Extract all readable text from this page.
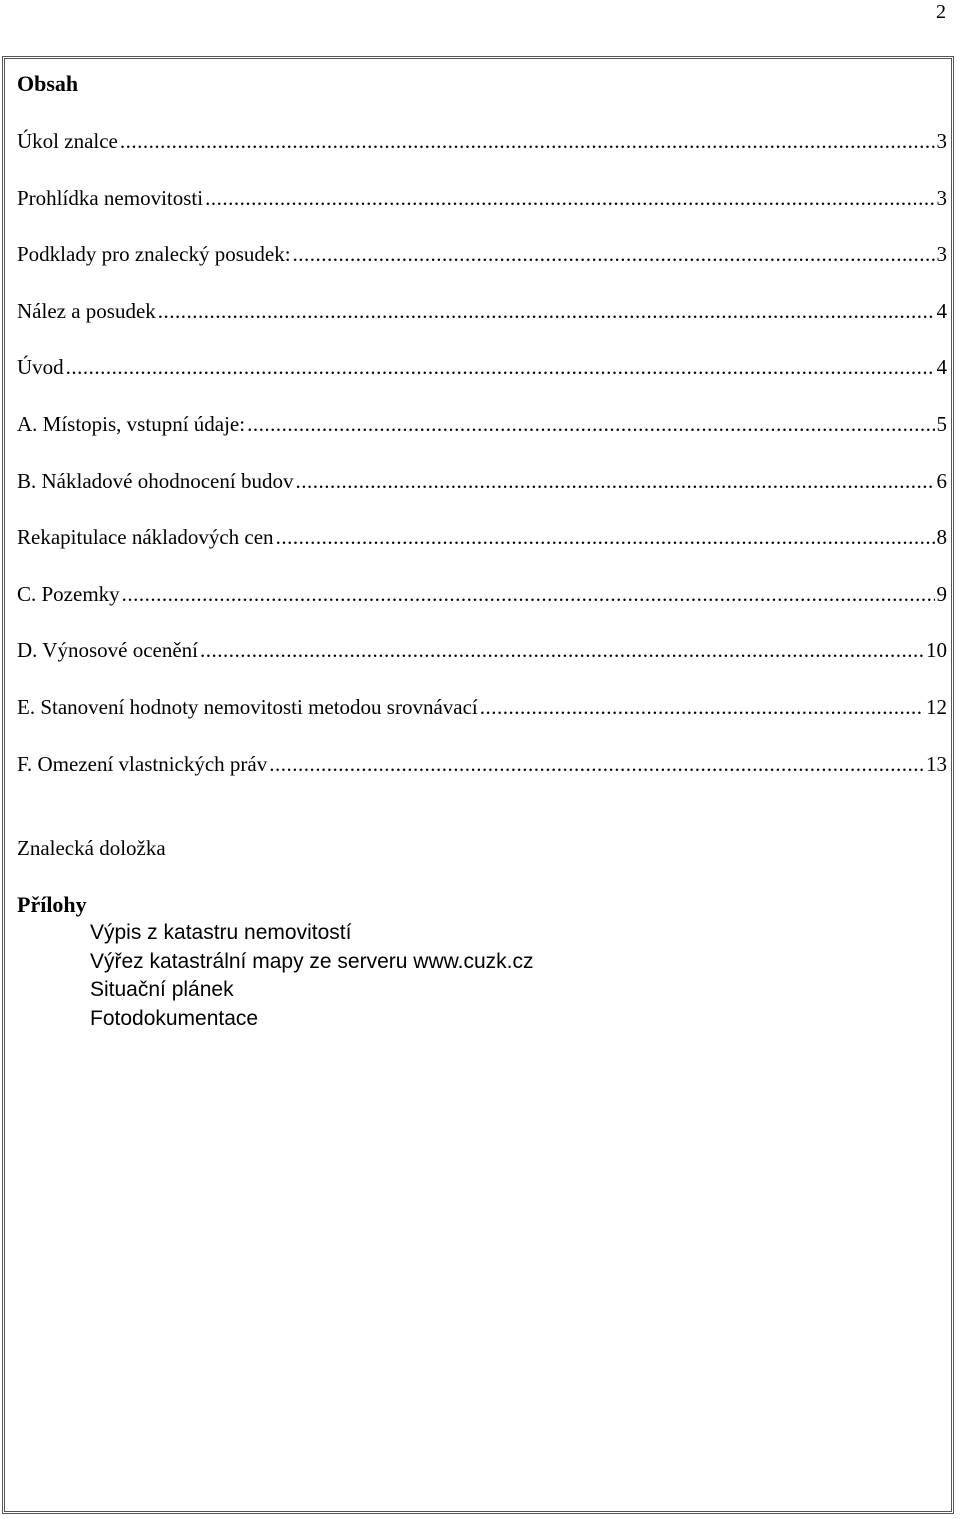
2
Obsah
Úkol znalce .....	3
Prohlídka nemovitosti .....	3
Podklady pro znalecký posudek: .....	3
Nález a posudek .....	4
Úvod .....	4
A. Místopis, vstupní údaje: .....	5
B. Nákladové ohodnocení budov .....	6
Rekapitulace nákladových cen .....	8
C. Pozemky .....	9
D. Výnosové ocenění .....	10
E. Stanovení hodnoty nemovitosti metodou srovnávací .....	12
F. Omezení vlastnických práv .....	13
Znalecká doložka
Přílohy
Výpis z katastru nemovitostí
Výřez katastrální mapy ze serveru www.cuzk.cz
Situační plánek
Fotodokumentace
